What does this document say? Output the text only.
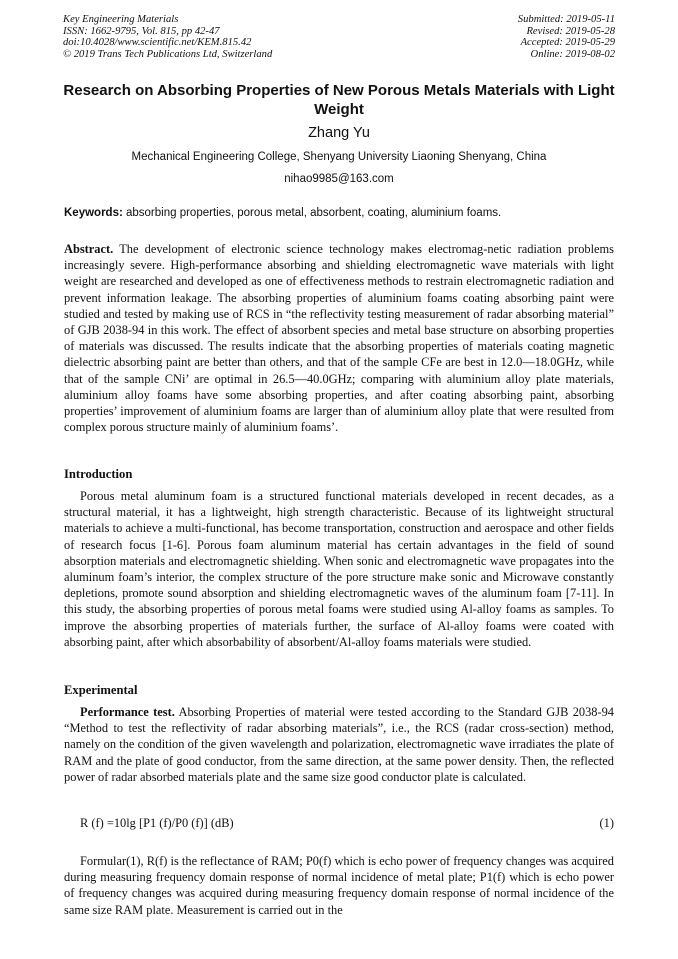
Key Engineering Materials
ISSN: 1662-9795, Vol. 815, pp 42-47
doi:10.4028/www.scientific.net/KEM.815.42
© 2019 Trans Tech Publications Ltd, Switzerland
Submitted: 2019-05-11
Revised: 2019-05-28
Accepted: 2019-05-29
Online: 2019-08-02
Research on Absorbing Properties of New Porous Metals Materials with Light Weight
Zhang Yu
Mechanical Engineering College, Shenyang University Liaoning Shenyang, China
nihao9985@163.com
Keywords: absorbing properties, porous metal, absorbent, coating, aluminium foams.
Abstract. The development of electronic science technology makes electromag-netic radiation problems increasingly severe. High-performance absorbing and shielding electromagnetic wave materials with light weight are researched and developed as one of effectiveness methods to restrain electromagnetic radiation and prevent information leakage. The absorbing properties of aluminium foams coating absorbing paint were studied and tested by making use of RCS in “the reflectivity testing measurement of radar absorbing material” of GJB 2038-94 in this work. The effect of absorbent species and metal base structure on absorbing properties of materials was discussed. The results indicate that the absorbing properties of materials coating magnetic dielectric absorbing paint are better than others, and that of the sample CFe are best in 12.0—18.0GHz, while that of the sample CNi’ are optimal in 26.5—40.0GHz; comparing with aluminium alloy plate materials, aluminium alloy foams have some absorbing properties, and after coating absorbing paint, absorbing properties’ improvement of aluminium foams are larger than of aluminium alloy plate that were resulted from complex porous structure mainly of aluminium foams’.
Introduction
Porous metal aluminum foam is a structured functional materials developed in recent decades, as a structural material, it has a lightweight, high strength characteristic. Because of its lightweight structural materials to achieve a multi-functional, has become transportation, construction and aerospace and other fields of research focus [1-6]. Porous foam aluminum material has certain advantages in the field of sound absorption materials and electromagnetic shielding. When sonic and electromagnetic wave propagates into the aluminum foam’s interior, the complex structure of the pore structure make sonic and Microwave constantly depletions, promote sound absorption and shielding electromagnetic waves of the aluminum foam [7-11]. In this study, the absorbing properties of porous metal foams were studied using Al-alloy foams as samples. To improve the absorbing properties of materials further, the surface of Al-alloy foams were coated with absorbing paint, after which absorbability of absorbent/Al-alloy foams materials were studied.
Experimental
Performance test. Absorbing Properties of material were tested according to the Standard GJB 2038-94 “Method to test the reflectivity of radar absorbing materials”, i.e., the RCS (radar cross-section) method, namely on the condition of the given wavelength and polarization, electromagnetic wave irradiates the plate of RAM and the plate of good conductor, from the same direction, at the same power density. Then, the reflected power of radar absorbed materials plate and the same size good conductor plate is calculated.
R (f) =10lg [P1 (f)/P0 (f)] (dB)	(1)
Formular(1), R(f) is the reflectance of RAM; P0(f) which is echo power of frequency changes was acquired during measuring frequency domain response of normal incidence of metal plate; P1(f) which is echo power of frequency changes was acquired during measuring frequency domain response of normal incidence of the same size RAM plate. Measurement is carried out in the
